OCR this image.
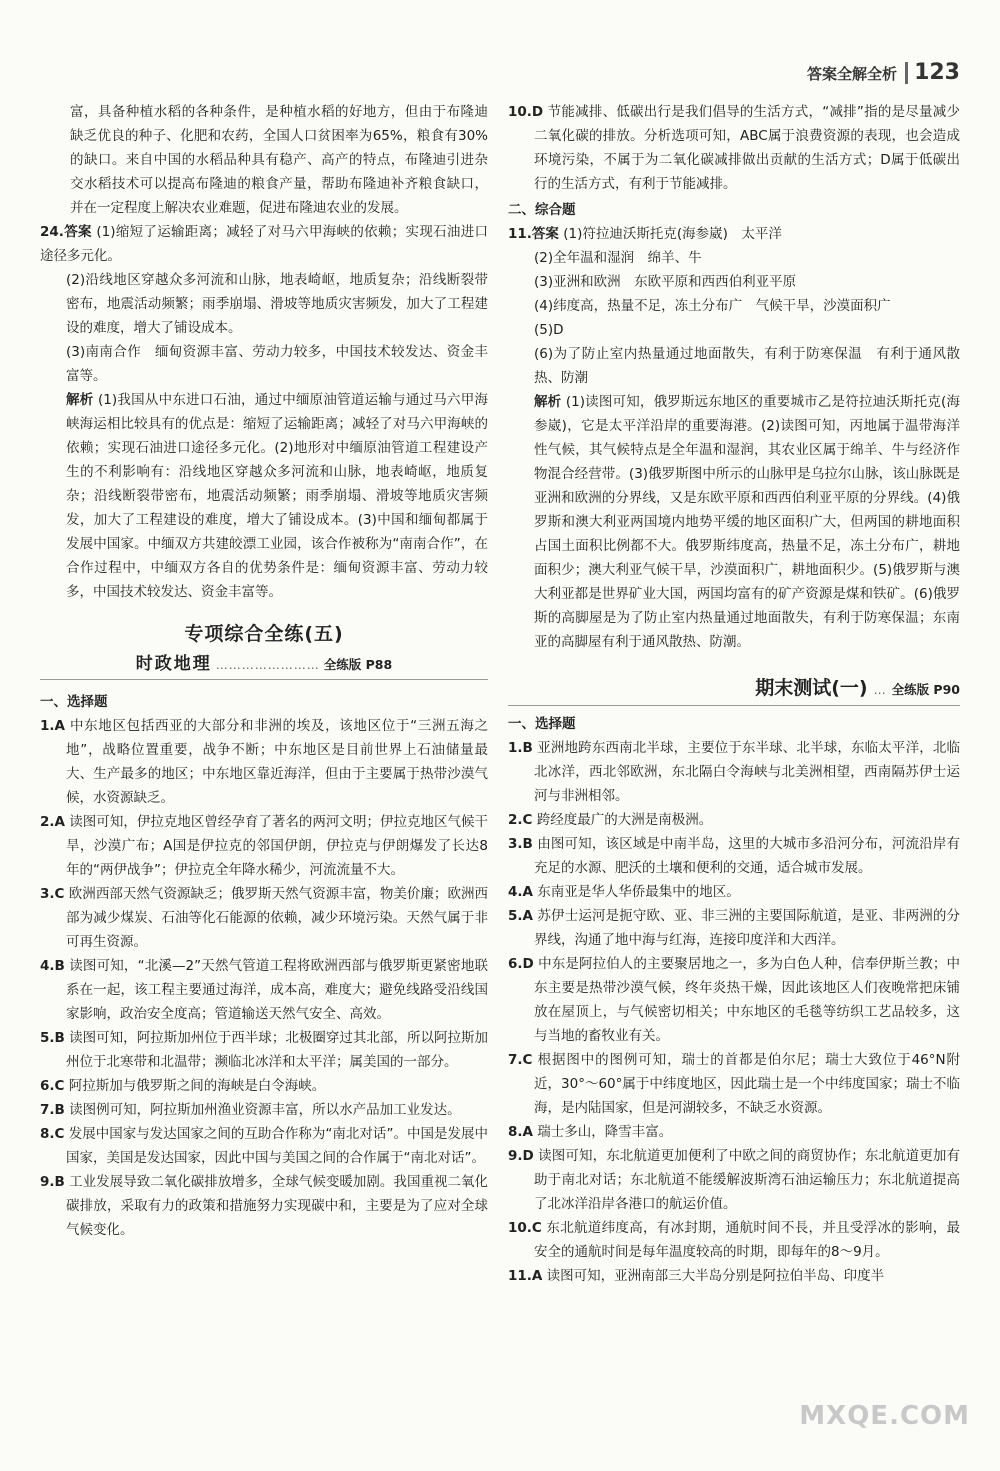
答案全解全析 123

富，具备种植水稻的各种条件，是种植水稻的好地方，但由于布隆迪缺乏优良的种子、化肥和农药，全国人口贫困率为65%，粮食有30%的缺口。来自中国的水稻品种具有稳产、高产的特点，布隆迪引进杂交水稻技术可以提高布隆迪的粮食产量，帮助布隆迪补齐粮食缺口，并在一定程度上解决农业难题，促进布隆迪农业的发展。

24.答案 (1)缩短了运输距离；减轻了对马六甲海峡的依赖；实现石油进口途径多元化。

(2)沿线地区穿越众多河流和山脉，地表崎岖，地质复杂；沿线断裂带密布，地震活动频繁；雨季崩塌、滑坡等地质灾害频发，加大了工程建设的难度，增大了铺设成本。

(3)南南合作　缅甸资源丰富、劳动力较多，中国技术较发达、资金丰富等。

解析 (1)我国从中东进口石油，通过中缅原油管道运输与通过马六甲海峡海运相比较具有的优点是：缩短了运输距离；减轻了对马六甲海峡的依赖；实现石油进口途径多元化。(2)地形对中缅原油管道工程建设产生的不利影响有：沿线地区穿越众多河流和山脉，地表崎岖，地质复杂；沿线断裂带密布，地震活动频繁；雨季崩塌、滑坡等地质灾害频发，加大了工程建设的难度，增大了铺设成本。(3)中国和缅甸都属于发展中国家。中缅双方共建皎漂工业园，该合作被称为“南南合作”，在合作过程中，中缅双方各自的优势条件是：缅甸资源丰富、劳动力较多，中国技术较发达、资金丰富等。

专项综合全练(五)
时政地理 …………………… 全练版 P88

一、选择题

1.A 中东地区包括西亚的大部分和非洲的埃及，该地区位于“三洲五海之地”，战略位置重要，战争不断；中东地区是目前世界上石油储量最大、生产最多的地区；中东地区靠近海洋，但由于主要属于热带沙漠气候，水资源缺乏。

2.A 读图可知，伊拉克地区曾经孕育了著名的两河文明；伊拉克地区气候干旱，沙漠广布；A国是伊拉克的邻国伊朗，伊拉克与伊朗爆发了长达8年的“两伊战争”；伊拉克全年降水稀少，河流流量不大。

3.C 欧洲西部天然气资源缺乏；俄罗斯天然气资源丰富，物美价廉；欧洲西部为减少煤炭、石油等化石能源的依赖，减少环境污染。天然气属于非可再生资源。

4.B 读图可知，“北溪—2”天然气管道工程将欧洲西部与俄罗斯更紧密地联系在一起，该工程主要通过海洋，成本高，难度大；避免线路受沿线国家影响，政治安全度高；管道输送天然气安全、高效。

5.B 读图可知，阿拉斯加州位于西半球；北极圈穿过其北部，所以阿拉斯加州位于北寒带和北温带；濒临北冰洋和太平洋；属美国的一部分。

6.C 阿拉斯加与俄罗斯之间的海峡是白令海峡。

7.B 读图例可知，阿拉斯加州渔业资源丰富，所以水产品加工业发达。

8.C 发展中国家与发达国家之间的互助合作称为“南北对话”。中国是发展中国家，美国是发达国家，因此中国与美国之间的合作属于“南北对话”。

9.B 工业发展导致二氧化碳排放增多，全球气候变暖加剧。我国重视二氧化碳排放，采取有力的政策和措施努力实现碳中和，主要是为了应对全球气候变化。

10.D 节能减排、低碳出行是我们倡导的生活方式，“减排”指的是尽量减少二氧化碳的排放。分析选项可知，ABC属于浪费资源的表现，也会造成环境污染，不属于为二氧化碳减排做出贡献的生活方式；D属于低碳出行的生活方式，有利于节能减排。

二、综合题

11.答案 (1)符拉迪沃斯托克(海参崴)　太平洋

(2)全年温和湿润　绵羊、牛

(3)亚洲和欧洲　东欧平原和西西伯利亚平原

(4)纬度高，热量不足，冻土分布广　气候干旱，沙漠面积广

(5)D

(6)为了防止室内热量通过地面散失，有利于防寒保温　有利于通风散热、防潮

解析 (1)读图可知，俄罗斯远东地区的重要城市乙是符拉迪沃斯托克(海参崴)，它是太平洋沿岸的重要海港。(2)读图可知，丙地属于温带海洋性气候，其气候特点是全年温和湿润，其农业区属于绵羊、牛与经济作物混合经营带。(3)俄罗斯图中所示的山脉甲是乌拉尔山脉，该山脉既是亚洲和欧洲的分界线，又是东欧平原和西西伯利亚平原的分界线。(4)俄罗斯和澳大利亚两国境内地势平缓的地区面积广大，但两国的耕地面积占国土面积比例都不大。俄罗斯纬度高，热量不足，冻土分布广，耕地面积少；澳大利亚气候干旱，沙漠面积广，耕地面积少。(5)俄罗斯与澳大利亚都是世界矿业大国，两国均富有的矿产资源是煤和铁矿。(6)俄罗斯的高脚屋是为了防止室内热量通过地面散失，有利于防寒保温；东南亚的高脚屋有利于通风散热、防潮。

期末测试(一) … 全练版 P90

一、选择题

1.B 亚洲地跨东西南北半球，主要位于东半球、北半球，东临太平洋，北临北冰洋，西北邻欧洲，东北隔白令海峡与北美洲相望，西南隔苏伊士运河与非洲相邻。

2.C 跨经度最广的大洲是南极洲。

3.B 由图可知，该区域是中南半岛，这里的大城市多沿河分布，河流沿岸有充足的水源、肥沃的土壤和便利的交通，适合城市发展。

4.A 东南亚是华人华侨最集中的地区。

5.A 苏伊士运河是扼守欧、亚、非三洲的主要国际航道，是亚、非两洲的分界线，沟通了地中海与红海，连接印度洋和大西洋。

6.D 中东是阿拉伯人的主要聚居地之一，多为白色人种，信奉伊斯兰教；中东主要是热带沙漠气候，终年炎热干燥，因此该地区人们夜晚常把床铺放在屋顶上，与气候密切相关；中东地区的毛毯等纺织工艺品较多，这与当地的畜牧业有关。

7.C 根据图中的图例可知，瑞士的首都是伯尔尼；瑞士大致位于46°N附近，30°～60°属于中纬度地区，因此瑞士是一个中纬度国家；瑞士不临海，是内陆国家，但是河湖较多，不缺乏水资源。

8.A 瑞士多山，降雪丰富。

9.D 读图可知，东北航道更加便利了中欧之间的商贸协作；东北航道更加有助于南北对话；东北航道不能缓解波斯湾石油运输压力；东北航道提高了北冰洋沿岸各港口的航运价值。

10.C 东北航道纬度高，有冰封期，通航时间不長，并且受浮冰的影响，最安全的通航时间是每年温度较高的时期，即每年的8～9月。

11.A 读图可知，亚洲南部三大半岛分别是阿拉伯半岛、印度半

MXQE.COM
